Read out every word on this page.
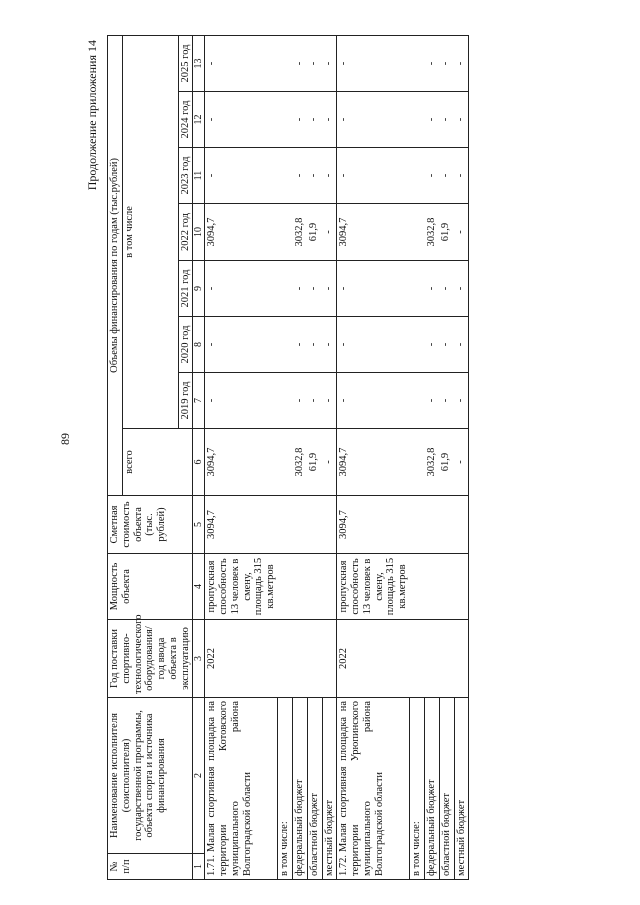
89
Продолжение приложения 14
№ п/п	Наименование исполнителя (соисполнителя) государственной программы, объекта спорта и источника финансирования	Год поставки спортивно-технологического оборудования/ год ввода объекта в эксплуатацию	Мощность объекта	Сметная стоимость объекта (тыс. рублей)	Объемы финансирования по годам (тыс.рублей)							
					всего	в том числе						
						2019 год	2020 год	2021 год	2022 год	2023 год	2024 год	2025 год
1	2	3	4	5	6	7	8	9	10	11	12	13
1.71.Малая спортивная площадка на территории Котовского муниципального района Волгоградской области		2022	пропускная способность 13 человек в смену, площадь 315 кв.метров	3094,7	3094,7	-	-	-	3094,7	-	-	-
в том числе:												
федеральный бюджет					3032,8	-	-	-	3032,8	-	-	-
областной бюджет					61,9	-	-	-	61,9	-	-	-
местный бюджет					-	-	-	-	-	-	-	-
1.72.Малая спортивная площадка на территории Урюпинского муниципального района Волгоградской области		2022	пропускная способность 13 человек в смену, площадь 315 кв.метров	3094,7	3094,7	-	-	-	3094,7	-	-	-
в том числе:												
федеральный бюджет					3032,8	-	-	-	3032,8	-	-	-
областной бюджет					61,9	-	-	-	61,9	-	-	-
местный бюджет					-	-	-	-	-	-	-	-
